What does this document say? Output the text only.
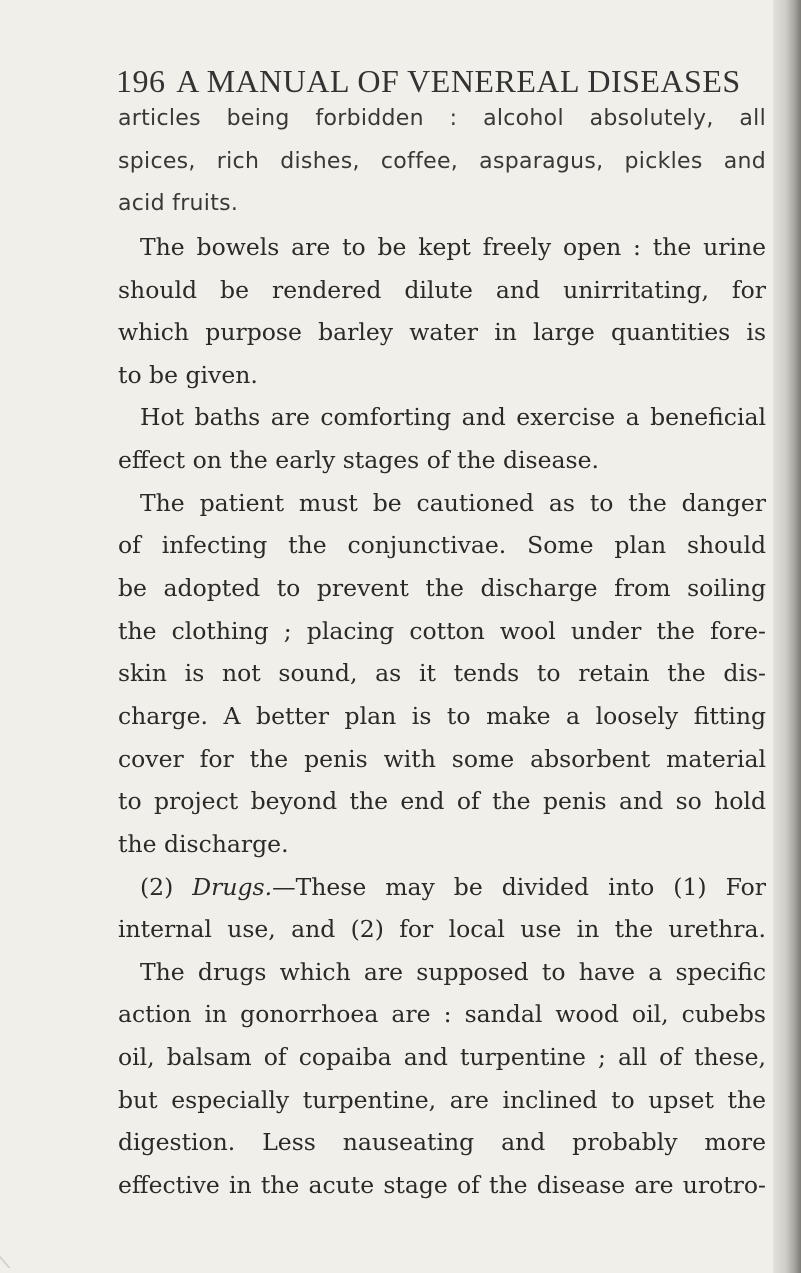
196 A MANUAL OF VENEREAL DISEASES
articles being forbidden : alcohol absolutely, all
spices, rich dishes, coffee, asparagus, pickles and
acid fruits.
The bowels are to be kept freely open : the urine
should be rendered dilute and unirritating, for
which purpose barley water in large quantities is
to be given.
Hot baths are comforting and exercise a beneficial
effect on the early stages of the disease.
The patient must be cautioned as to the danger
of infecting the conjunctivae. Some plan should
be adopted to prevent the discharge from soiling
the clothing ; placing cotton wool under the fore-
skin is not sound, as it tends to retain the dis-
charge. A better plan is to make a loosely fitting
cover for the penis with some absorbent material
to project beyond the end of the penis and so hold
the discharge.
(2) Drugs.—These may be divided into (1) For
internal use, and (2) for local use in the urethra.
The drugs which are supposed to have a specific
action in gonorrhoea are : sandal wood oil, cubebs
oil, balsam of copaiba and turpentine ; all of these,
but especially turpentine, are inclined to upset the
digestion. Less nauseating and probably more
effective in the acute stage of the disease are urotro-
